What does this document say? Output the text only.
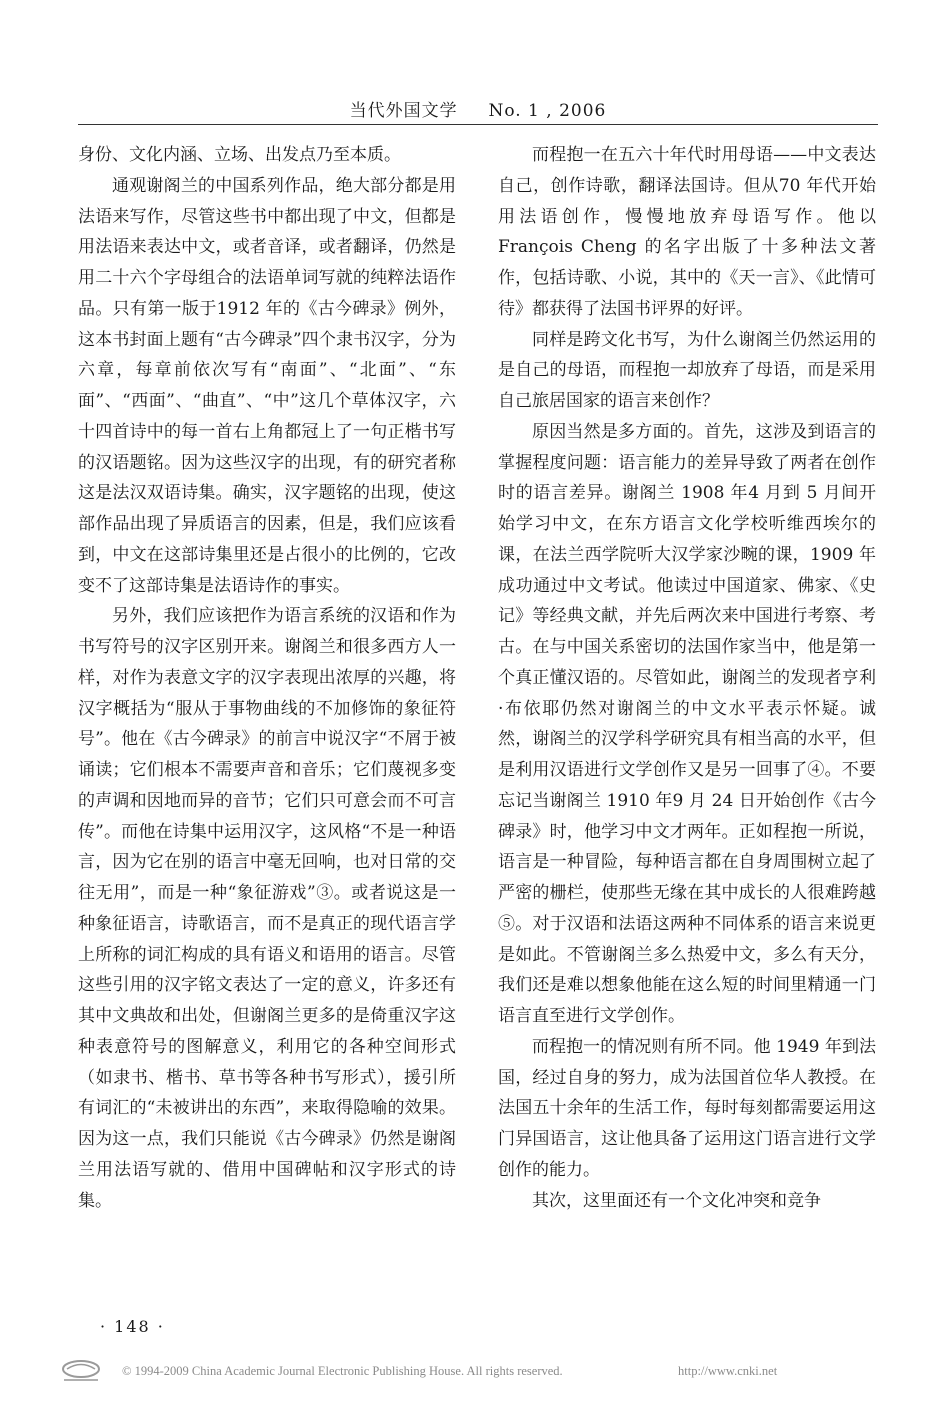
当代外国文学 No. 1 , 2006

身份、文化内涵、立场、出发点乃至本质。

通观谢阁兰的中国系列作品，绝大部分都是用法语来写作，尽管这些书中都出现了中文，但都是用法语来表达中文，或者音译，或者翻译，仍然是用二十六个字母组合的法语单词写就的纯粹法语作品。只有第一版于1912 年的《古今碑录》例外，这本书封面上题有“古今碑录”四个隶书汉字，分为六章，每章前依次写有“南面”、“北面”、“东面”、“西面”、“曲直”、“中”这几个草体汉字，六十四首诗中的每一首右上角都冠上了一句正楷书写的汉语题铭。因为这些汉字的出现，有的研究者称这是法汉双语诗集。确实，汉字题铭的出现，使这部作品出现了异质语言的因素，但是，我们应该看到，中文在这部诗集里还是占很小的比例的，它改变不了这部诗集是法语诗作的事实。

另外，我们应该把作为语言系统的汉语和作为书写符号的汉字区别开来。谢阁兰和很多西方人一样，对作为表意文字的汉字表现出浓厚的兴趣，将汉字概括为“服从于事物曲线的不加修饰的象征符号”。他在《古今碑录》的前言中说汉字“不屑于被诵读；它们根本不需要声音和音乐；它们蔑视多变的声调和因地而异的音节；它们只可意会而不可言传”。而他在诗集中运用汉字，这风格“不是一种语言，因为它在别的语言中毫无回响，也对日常的交往无用”，而是一种“象征游戏”③。或者说这是一种象征语言，诗歌语言，而不是真正的现代语言学上所称的词汇构成的具有语义和语用的语言。尽管这些引用的汉字铭文表达了一定的意义，许多还有其中文典故和出处，但谢阁兰更多的是倚重汉字这种表意符号的图解意义，利用它的各种空间形式（如隶书、楷书、草书等各种书写形式），援引所有词汇的“未被讲出的东西”，来取得隐喻的效果。因为这一点，我们只能说《古今碑录》仍然是谢阁兰用法语写就的、借用中国碑帖和汉字形式的诗集。

而程抱一在五六十年代时用母语——中文表达自己，创作诗歌，翻译法国诗。但从70 年代开始用法语创作，慢慢地放弃母语写作。他以 François Cheng 的名字出版了十多种法文著作，包括诗歌、小说，其中的《天一言》、《此情可待》都获得了法国书评界的好评。

同样是跨文化书写，为什么谢阁兰仍然运用的是自己的母语，而程抱一却放弃了母语，而是采用自己旅居国家的语言来创作？

原因当然是多方面的。首先，这涉及到语言的掌握程度问题：语言能力的差异导致了两者在创作时的语言差异。谢阁兰 1908 年4 月到 5 月间开始学习中文，在东方语言文化学校听维西埃尔的课，在法兰西学院听大汉学家沙畹的课，1909 年成功通过中文考试。他读过中国道家、佛家、《史记》等经典文献，并先后两次来中国进行考察、考古。在与中国关系密切的法国作家当中，他是第一个真正懂汉语的。尽管如此，谢阁兰的发现者亨利·布依耶仍然对谢阁兰的中文水平表示怀疑。诚然，谢阁兰的汉学科学研究具有相当高的水平，但是利用汉语进行文学创作又是另一回事了④。不要忘记当谢阁兰 1910 年9 月 24 日开始创作《古今碑录》时，他学习中文才两年。正如程抱一所说，语言是一种冒险，每种语言都在自身周围树立起了严密的栅栏，使那些无缘在其中成长的人很难跨越⑤。对于汉语和法语这两种不同体系的语言来说更是如此。不管谢阁兰多么热爱中文，多么有天分，我们还是难以想象他能在这么短的时间里精通一门语言直至进行文学创作。

而程抱一的情况则有所不同。他 1949 年到法国，经过自身的努力，成为法国首位华人教授。在法国五十余年的生活工作，每时每刻都需要运用这门异国语言，这让他具备了运用这门语言进行文学创作的能力。

其次，这里面还有一个文化冲突和竞争

· 148 ·
© 1994-2009 China Academic Journal Electronic Publishing House. All rights reserved.	http://www.cnki.net
